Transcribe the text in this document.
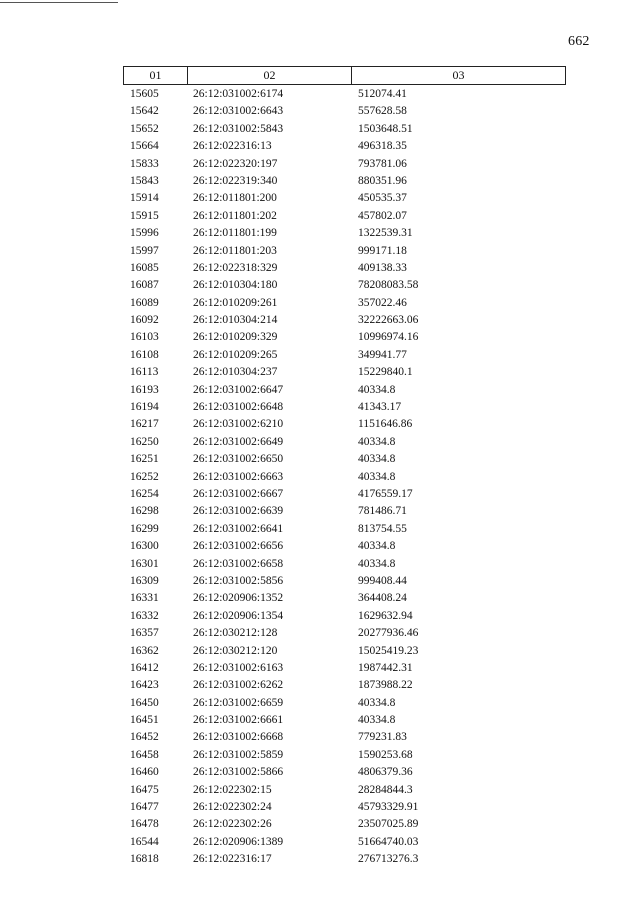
662
01	02	03
15605	26:12:031002:6174	512074.41
15642	26:12:031002:6643	557628.58
15652	26:12:031002:5843	1503648.51
15664	26:12:022316:13	496318.35
15833	26:12:022320:197	793781.06
15843	26:12:022319:340	880351.96
15914	26:12:011801:200	450535.37
15915	26:12:011801:202	457802.07
15996	26:12:011801:199	1322539.31
15997	26:12:011801:203	999171.18
16085	26:12:022318:329	409138.33
16087	26:12:010304:180	78208083.58
16089	26:12:010209:261	357022.46
16092	26:12:010304:214	32222663.06
16103	26:12:010209:329	10996974.16
16108	26:12:010209:265	349941.77
16113	26:12:010304:237	15229840.1
16193	26:12:031002:6647	40334.8
16194	26:12:031002:6648	41343.17
16217	26:12:031002:6210	1151646.86
16250	26:12:031002:6649	40334.8
16251	26:12:031002:6650	40334.8
16252	26:12:031002:6663	40334.8
16254	26:12:031002:6667	4176559.17
16298	26:12:031002:6639	781486.71
16299	26:12:031002:6641	813754.55
16300	26:12:031002:6656	40334.8
16301	26:12:031002:6658	40334.8
16309	26:12:031002:5856	999408.44
16331	26:12:020906:1352	364408.24
16332	26:12:020906:1354	1629632.94
16357	26:12:030212:128	20277936.46
16362	26:12:030212:120	15025419.23
16412	26:12:031002:6163	1987442.31
16423	26:12:031002:6262	1873988.22
16450	26:12:031002:6659	40334.8
16451	26:12:031002:6661	40334.8
16452	26:12:031002:6668	779231.83
16458	26:12:031002:5859	1590253.68
16460	26:12:031002:5866	4806379.36
16475	26:12:022302:15	28284844.3
16477	26:12:022302:24	45793329.91
16478	26:12:022302:26	23507025.89
16544	26:12:020906:1389	51664740.03
16818	26:12:022316:17	276713276.3
